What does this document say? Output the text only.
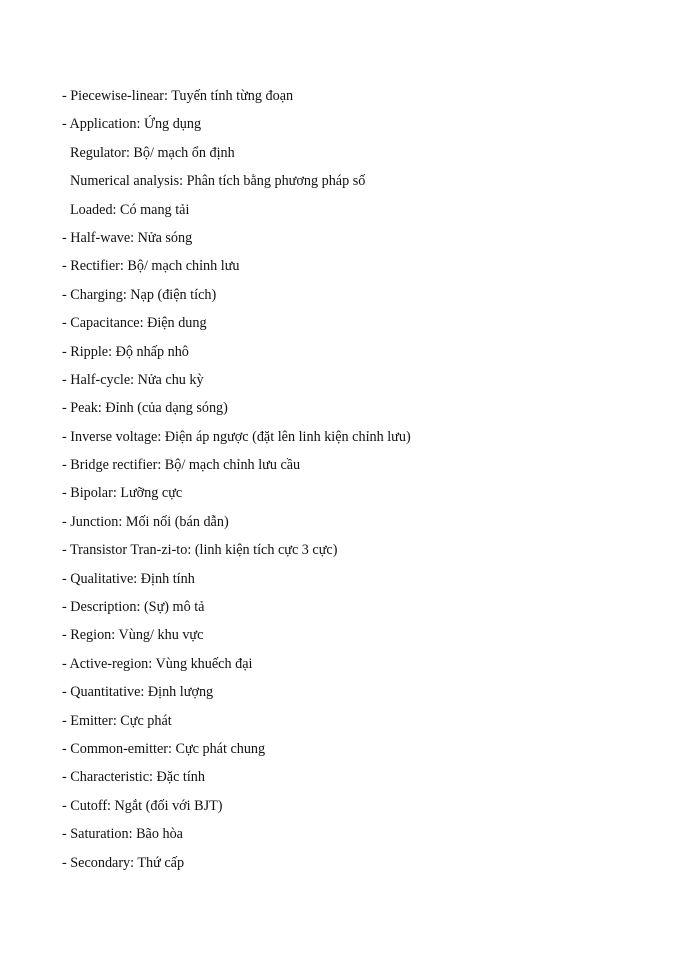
- Piecewise-linear: Tuyến tính từng đoạn
- Application: Ứng dụng
Regulator: Bộ/ mạch ổn định
Numerical analysis: Phân tích bằng phương pháp số
Loaded: Có mang tải
- Half-wave: Nửa sóng
- Rectifier: Bộ/ mạch chỉnh lưu
- Charging: Nạp (điện tích)
- Capacitance: Điện dung
- Ripple: Độ nhấp nhô
- Half-cycle: Nửa chu kỳ
- Peak: Đỉnh (của dạng sóng)
- Inverse voltage: Điện áp ngược (đặt lên linh kiện chỉnh lưu)
- Bridge rectifier: Bộ/ mạch chỉnh lưu cầu
- Bipolar: Lưỡng cực
- Junction: Mối nối (bán dẫn)
- Transistor Tran-zi-to: (linh kiện tích cực 3 cực)
- Qualitative: Định tính
- Description: (Sự) mô tả
- Region: Vùng/ khu vực
- Active-region: Vùng khuếch đại
- Quantitative: Định lượng
- Emitter: Cực phát
- Common-emitter: Cực phát chung
- Characteristic: Đặc tính
- Cutoff: Ngắt (đối với BJT)
- Saturation: Bão hòa
- Secondary: Thứ cấp
